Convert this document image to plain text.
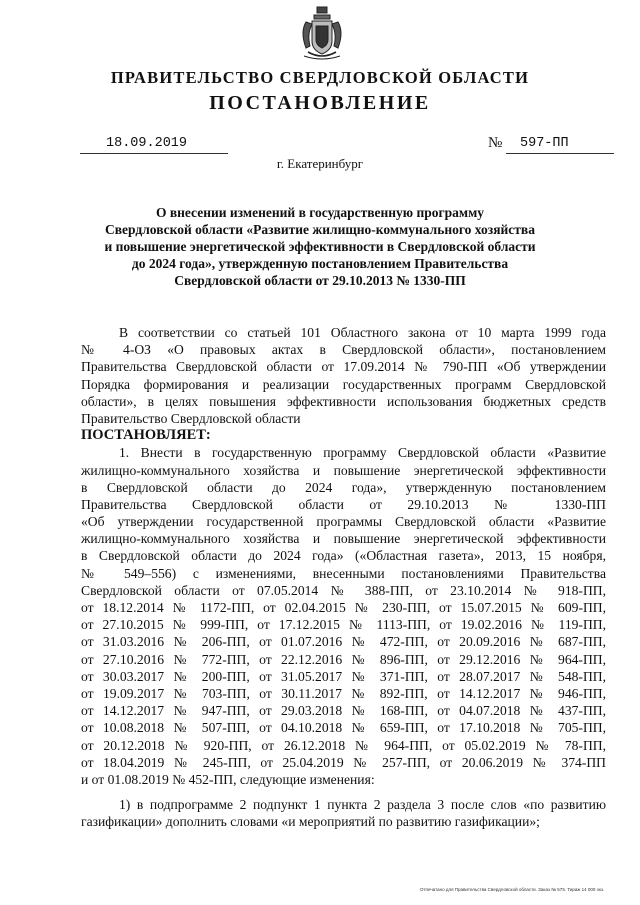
ПРАВИТЕЛЬСТВО СВЕРДЛОВСКОЙ ОБЛАСТИ
ПОСТАНОВЛЕНИЕ
18.09.2019	№	597-ПП
г. Екатеринбург
О внесении изменений в государственную программу
Свердловской области «Развитие жилищно-коммунального хозяйства
и повышение энергетической эффективности в Свердловской области
до 2024 года», утвержденную постановлением Правительства
Свердловской области от 29.10.2013 № 1330-ПП
В соответствии со статьей 101 Областного закона от 10 марта 1999 года
№ 4-ОЗ «О правовых актах в Свердловской области», постановлением
Правительства Свердловской области от 17.09.2014 № 790-ПП «Об утверждении
Порядка формирования и реализации государственных программ Свердловской
области», в целях повышения эффективности использования бюджетных средств
Правительство Свердловской области
ПОСТАНОВЛЯЕТ:
1. Внести в государственную программу Свердловской области «Развитие
жилищно-коммунального хозяйства и повышение энергетической эффективности
в Свердловской области до 2024 года», утвержденную постановлением
Правительства Свердловской области от 29.10.2013 № 1330-ПП
«Об утверждении государственной программы Свердловской области «Развитие
жилищно-коммунального хозяйства и повышение энергетической эффективности
в Свердловской области до 2024 года» («Областная газета», 2013, 15 ноября,
№ 549–556) с изменениями, внесенными постановлениями Правительства
Свердловской области от 07.05.2014 № 388-ПП, от 23.10.2014 № 918-ПП,
от 18.12.2014 № 1172-ПП, от 02.04.2015 № 230-ПП, от 15.07.2015 № 609-ПП,
от 27.10.2015 № 999-ПП, от 17.12.2015 № 1113-ПП, от 19.02.2016 № 119-ПП,
от 31.03.2016 № 206-ПП, от 01.07.2016 № 472-ПП, от 20.09.2016 № 687-ПП,
от 27.10.2016 № 772-ПП, от 22.12.2016 № 896-ПП, от 29.12.2016 № 964-ПП,
от 30.03.2017 № 200-ПП, от 31.05.2017 № 371-ПП, от 28.07.2017 № 548-ПП,
от 19.09.2017 № 703-ПП, от 30.11.2017 № 892-ПП, от 14.12.2017 № 946-ПП,
от 14.12.2017 № 947-ПП, от 29.03.2018 № 168-ПП, от 04.07.2018 № 437-ПП,
от 10.08.2018 № 507-ПП, от 04.10.2018 № 659-ПП, от 17.10.2018 № 705-ПП,
от 20.12.2018 № 920-ПП, от 26.12.2018 № 964-ПП, от 05.02.2019 № 78-ПП,
от 18.04.2019 № 245-ПП, от 25.04.2019 № 257-ПП, от 20.06.2019 № 374-ПП
и от 01.08.2019 № 452-ПП, следующие изменения:
1) в подпрограмме 2 подпункт 1 пункта 2 раздела 3 после слов «по развитию
газификации» дополнить словами «и мероприятий по развитию газификации»;
Отпечатано для Правительства Свердловской области. Заказ № 575. Тираж 14 000 экз.
